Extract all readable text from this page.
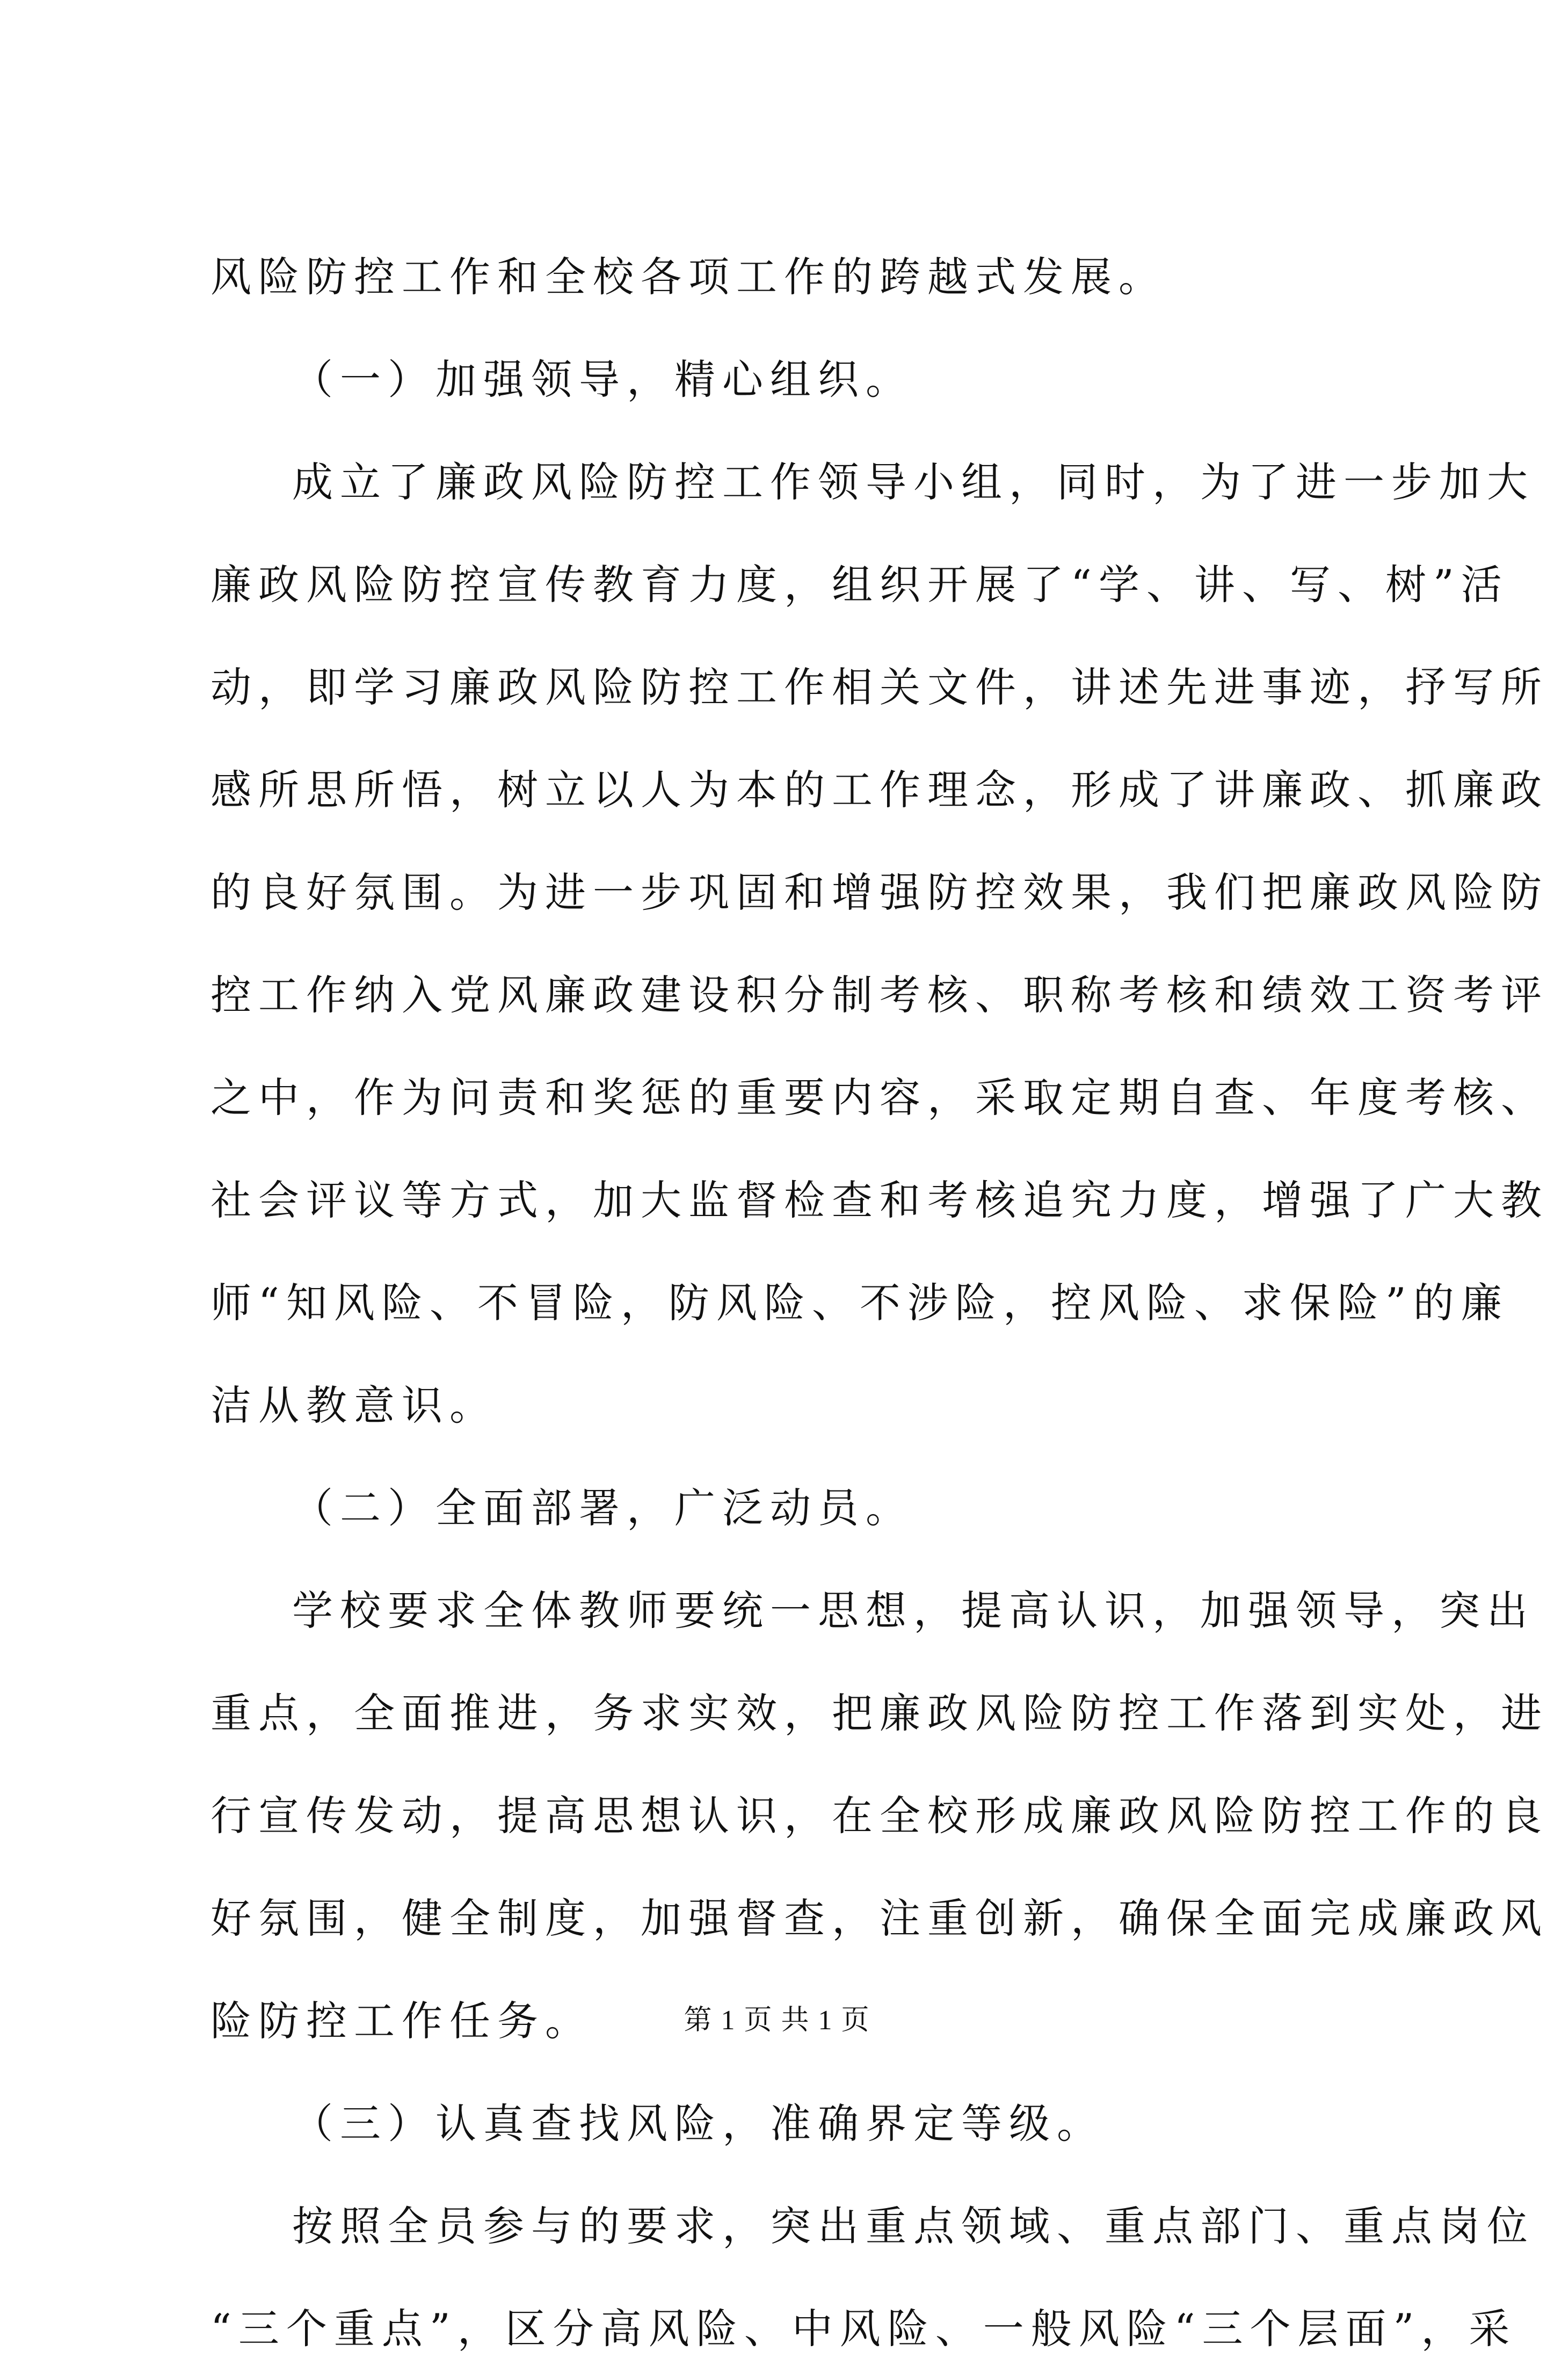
风险防控工作和全校各项工作的跨越式发展。
（一）加强领导，精心组织。
成立了廉政风险防控工作领导小组，同时，为了进一步加大
廉政风险防控宣传教育力度，组织开展了“学、讲、写、树”活
动，即学习廉政风险防控工作相关文件，讲述先进事迹，抒写所
感所思所悟，树立以人为本的工作理念，形成了讲廉政、抓廉政
的良好氛围。为进一步巩固和增强防控效果，我们把廉政风险防
控工作纳入党风廉政建设积分制考核、职称考核和绩效工资考评
之中，作为问责和奖惩的重要内容，采取定期自查、年度考核、
社会评议等方式，加大监督检查和考核追究力度，增强了广大教
师“知风险、不冒险，防风险、不涉险，控风险、求保险”的廉
洁从教意识。
（二）全面部署，广泛动员。
学校要求全体教师要统一思想，提高认识，加强领导，突出
重点，全面推进，务求实效，把廉政风险防控工作落到实处，进
行宣传发动，提高思想认识，在全校形成廉政风险防控工作的良
好氛围，健全制度，加强督查，注重创新，确保全面完成廉政风
险防控工作任务。
（三）认真查找风险，准确界定等级。
按照全员参与的要求，突出重点领域、重点部门、重点岗位
“三个重点”，区分高风险、中风险、一般风险“三个层面”，采
第 1 页 共 1 页
